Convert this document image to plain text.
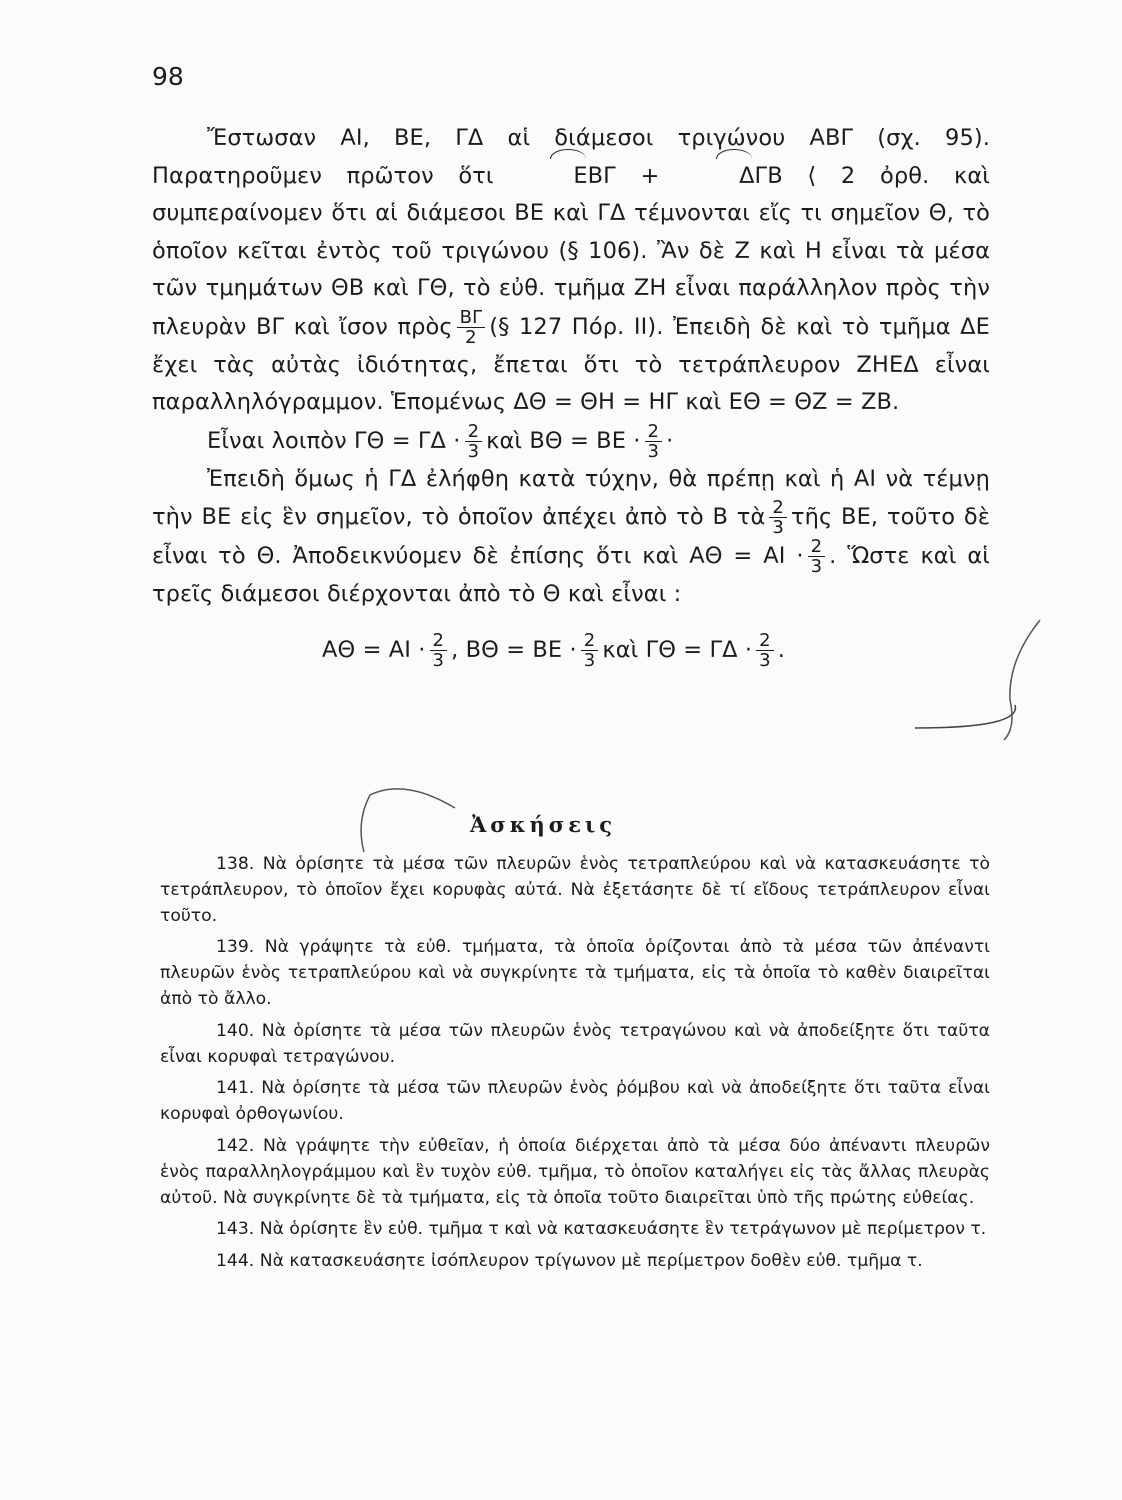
98

Ἔστωσαν ΑΙ, ΒΕ, ΓΔ αἱ διάμεσοι τριγώνου ΑΒΓ (σχ. 95). Παρατηροῦμεν πρῶτον ὅτι ΕΒΓ + ΔΓΒ ⟨ 2 ὀρθ. καὶ συμπεραίνομεν ὅτι αἱ διάμεσοι ΒΕ καὶ ΓΔ τέμνονται εἴς τι σημεῖον Θ, τὸ ὁποῖον κεῖται ἐντὸς τοῦ τριγώνου (§ 106). Ἂν δὲ Ζ καὶ Η εἶναι τὰ μέσα τῶν τμημάτων ΘΒ καὶ ΓΘ, τὸ εὐθ. τμῆμα ΖΗ εἶναι παράλληλον πρὸς τὴν πλευρὰν ΒΓ καὶ ἴσον πρὸς $\frac{B\Gamma}{2}$ (§ 127 Πόρ. ΙΙ). Ἐπειδὴ δὲ καὶ τὸ τμῆμα ΔΕ ἔχει τὰς αὐτὰς ἰδιότητας, ἔπεται ὅτι τὸ τετράπλευρον ΖΗΕΔ εἶναι παραλληλόγραμμον. Ἑπομένως ΔΘ = ΘΗ = ΗΓ καὶ ΕΘ = ΘΖ = ΖΒ.

Εἶναι λοιπὸν $\Gamma\Theta = \Gamma\Delta \cdot \frac{2}{3}$ καὶ $B\Theta = BE \cdot \frac{2}{3}$ ·

Ἐπειδὴ ὅμως ἡ ΓΔ ἐλήφθη κατὰ τύχην, θὰ πρέπῃ καὶ ἡ ΑΙ νὰ τέμνῃ τὴν ΒΕ εἰς ἓν σημεῖον, τὸ ὁποῖον ἀπέχει ἀπὸ τὸ Β τὰ $\frac{2}{3}$ τῆς ΒΕ, τοῦτο δὲ εἶναι τὸ Θ. Ἀποδεικνύομεν δὲ ἐπίσης ὅτι καὶ $A\Theta = AI \cdot \frac{2}{3}$ . Ὥστε καὶ αἱ τρεῖς διάμεσοι διέρχονται ἀπὸ τὸ Θ καὶ εἶναι :

$A\Theta = AI \cdot \frac{2}{3}$ , $B\Theta = BE \cdot \frac{2}{3}$ καὶ $\Gamma\Theta = \Gamma\Delta \cdot \frac{2}{3}$ .
Ἀσκήσεις

138. Νὰ ὁρίσητε τὰ μέσα τῶν πλευρῶν ἑνὸς τετραπλεύρου καὶ νὰ κατασκευάσητε τὸ τετράπλευρον, τὸ ὁποῖον ἔχει κορυφὰς αὐτά. Νὰ ἐξετάσητε δὲ τί εἴδους τετράπλευρον εἶναι τοῦτο.

139. Νὰ γράψητε τὰ εὐθ. τμήματα, τὰ ὁποῖα ὁρίζονται ἀπὸ τὰ μέσα τῶν ἀπέναντι πλευρῶν ἑνὸς τετραπλεύρου καὶ νὰ συγκρίνητε τὰ τμήματα, εἰς τὰ ὁποῖα τὸ καθὲν διαιρεῖται ἀπὸ τὸ ἄλλο.

140. Νὰ ὁρίσητε τὰ μέσα τῶν πλευρῶν ἑνὸς τετραγώνου καὶ νὰ ἀποδείξητε ὅτι ταῦτα εἶναι κορυφαὶ τετραγώνου.

141. Νὰ ὁρίσητε τὰ μέσα τῶν πλευρῶν ἑνὸς ῥόμβου καὶ νὰ ἀποδείξητε ὅτι ταῦτα εἶναι κορυφαὶ ὀρθογωνίου.

142. Νὰ γράψητε τὴν εὐθεῖαν, ἡ ὁποία διέρχεται ἀπὸ τὰ μέσα δύο ἀπέναντι πλευρῶν ἑνὸς παραλληλογράμμου καὶ ἓν τυχὸν εὐθ. τμῆμα, τὸ ὁποῖον καταλήγει εἰς τὰς ἄλλας πλευρὰς αὐτοῦ. Νὰ συγκρίνητε δὲ τὰ τμήματα, εἰς τὰ ὁποῖα τοῦτο διαιρεῖται ὑπὸ τῆς πρώτης εὐθείας.

143. Νὰ ὁρίσητε ἓν εὐθ. τμῆμα τ καὶ νὰ κατασκευάσητε ἓν τετράγωνον μὲ περίμετρον τ.

144. Νὰ κατασκευάσητε ἰσόπλευρον τρίγωνον μὲ περίμετρον δοθὲν εὐθ. τμῆμα τ.
